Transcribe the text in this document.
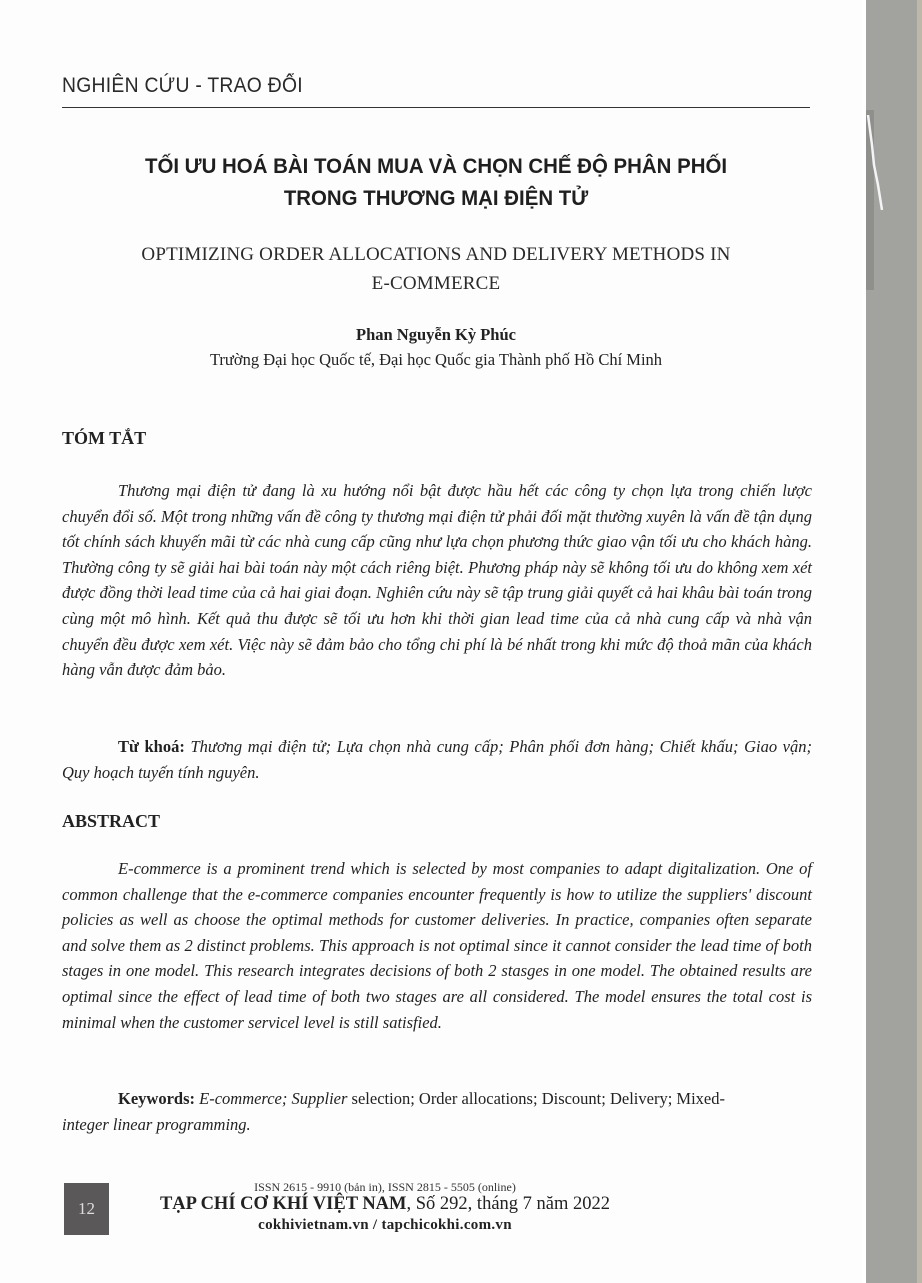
NGHIÊN CỨU - TRAO ĐỔI
TỐI ƯU HOÁ BÀI TOÁN MUA VÀ CHỌN CHẾ ĐỘ PHÂN PHỐI
TRONG THƯƠNG MẠI ĐIỆN TỬ
OPTIMIZING ORDER ALLOCATIONS AND DELIVERY METHODS IN
E-COMMERCE
Phan Nguyễn Kỳ Phúc
Trường Đại học Quốc tế, Đại học Quốc gia Thành phố Hồ Chí Minh
TÓM TẮT
Thương mại điện tử đang là xu hướng nổi bật được hầu hết các công ty chọn lựa trong chiến lược chuyển đổi số. Một trong những vấn đề công ty thương mại điện tử phải đối mặt thường xuyên là vấn đề tận dụng tốt chính sách khuyến mãi từ các nhà cung cấp cũng như lựa chọn phương thức giao vận tối ưu cho khách hàng. Thường công ty sẽ giải hai bài toán này một cách riêng biệt. Phương pháp này sẽ không tối ưu do không xem xét được đồng thời lead time của cả hai giai đoạn. Nghiên cứu này sẽ tập trung giải quyết cả hai khâu bài toán trong cùng một mô hình. Kết quả thu được sẽ tối ưu hơn khi thời gian lead time của cả nhà cung cấp và nhà vận chuyển đều được xem xét. Việc này sẽ đảm bảo cho tổng chi phí là bé nhất trong khi mức độ thoả mãn của khách hàng vẫn được đảm bảo.
Từ khoá: Thương mại điện tử; Lựa chọn nhà cung cấp; Phân phối đơn hàng; Chiết khấu; Giao vận; Quy hoạch tuyến tính nguyên.
ABSTRACT
E-commerce is a prominent trend which is selected by most companies to adapt digitalization. One of common challenge that the e-commerce companies encounter frequently is how to utilize the suppliers' discount policies as well as choose the optimal methods for customer deliveries. In practice, companies often separate and solve them as 2 distinct problems. This approach is not optimal since it cannot consider the lead time of both stages in one model. This research integrates decisions of both 2 stasges in one model. The obtained results are optimal since the effect of lead time of both two stages are all considered. The model ensures the total cost is minimal when the customer servicel level is still satisfied.
Keywords: E-commerce; Supplier selection; Order allocations; Discount; Delivery; Mixed-
integer linear programming.
12
ISSN 2615 - 9910 (bản in), ISSN 2815 - 5505 (online)
TẠP CHÍ CƠ KHÍ VIỆT NAM, Số 292, tháng 7 năm 2022
cokhivietnam.vn / tapchicokhi.com.vn
